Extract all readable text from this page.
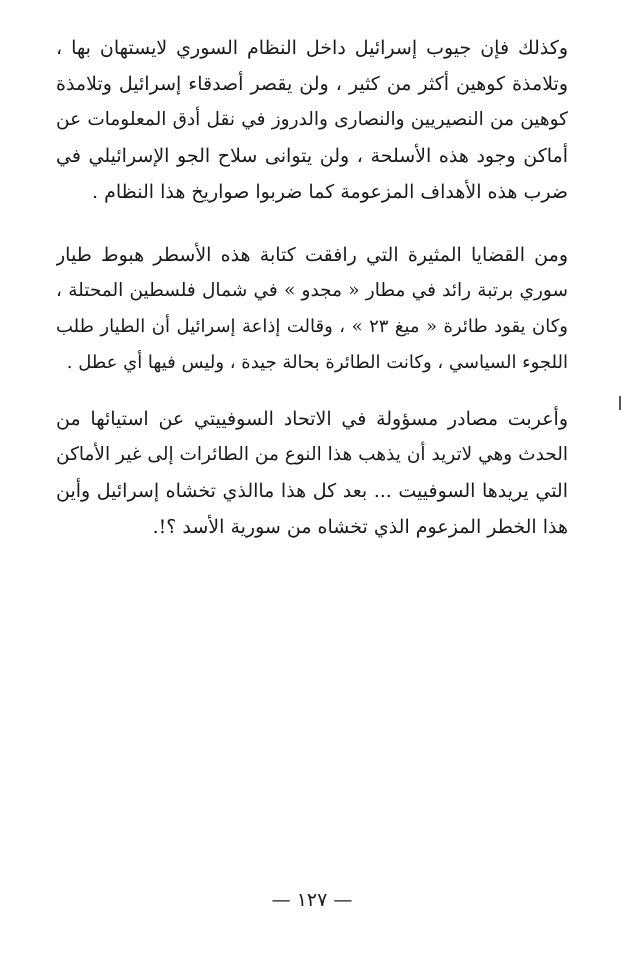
وكذلك فإن جيوب إسرائيل داخل النظام السوري لايستهان بها ،
وتلامذة كوهين أكثر من كثير ، ولن يقصر أصدقاء إسرائيل وتلامذة
كوهين من النصيريين والنصارى والدروز في نقل أدق المعلومات عن
أماكن وجود هذه الأسلحة ، ولن يتوانى سلاح الجو الإسرائيلي في
ضرب هذه الأهداف المزعومة كما ضربوا صواريخ هذا النظام .
ومن القضايا المثيرة التي رافقت كتابة هذه الأسطر هبوط طيار
سوري برتبة رائد في مطار « مجدو » في شمال فلسطين المحتلة ،
وكان يقود طائرة « ميغ ٢٣ » ، وقالت إذاعة إسرائيل أن الطيار طلب
اللجوء السياسي ، وكانت الطائرة بحالة جيدة ، وليس فيها أي عطل .
وأعربت مصادر مسؤولة في الاتحاد السوفييتي عن استيائها من
الحدث وهي لاتريد أن يذهب هذا النوع من الطائرات إلى غير الأماكن
التي يريدها السوفييت ... بعد كل هذا ماالذي تخشاه إسرائيل وأين
هذا الخطر المزعوم الذي تخشاه من سورية الأسد ؟!.
— ١٢٧ —
